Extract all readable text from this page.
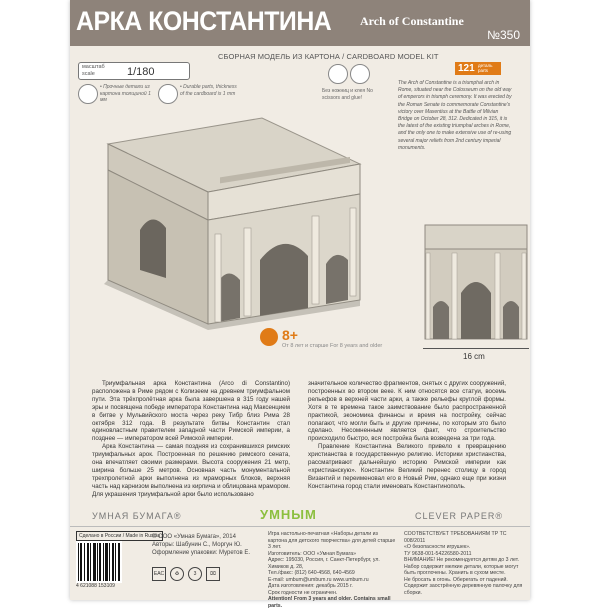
АРКА КОНСТАНТИНА Arch of Constantine
№350
СБОРНАЯ МОДЕЛЬ ИЗ КАРТОНА / CARDBOARD MODEL KIT
масштаб scale	1/180
• Прочные детали из картона толщиной 1 мм
• Durable parts, thickness of the cardboard is 1 mm	Без ножниц и клея No scissors and glue!
121 деталь parts
The Arch of Constantine is a triumphal arch in Rome, situated near the Colosseum on the old way of emperors in triumph ceremony. It was erected by the Roman Senate to commemorate Constantine's victory over Maxentius at the Battle of Milvian Bridge on October 28, 312. Dedicated in 315, it is the latest of the existing triumphal arches in Rome, and the only one to make extensive use of re-using several major reliefs from 2nd century imperial monuments.
16 cm
8+
От 8 лет и старше For 8 years and older

Триумфальная арка Константина (Arco di Constantino) расположена в Риме рядом с Колизеем на древнем триумфальном пути. Эта трёхпролётная арка была завершена в 315 году нашей эры и посвящена победе императора Константина над Максенцием в битве у Мульвийского моста через реку Тибр близ Рима 28 октября 312 года. В результате битвы Константин стал единовластным правителем западной части Римской империи, а позднее — императором всей Римской империи.

Арка Константина — самая поздняя из сохранившихся римских триумфальных арок. Построенная по решению римского сената, она впечатляет своими размерами. Высота сооружения 21 метр, ширина больше 25 метров. Основная часть монументальной трехпролетной арки выполнена из мраморных блоков, верхняя часть над карнизом выполнена из кирпича и облицована мрамором. Для украшения триумфальной арки было использовано

значительное количество фрагментов, снятых с других сооружений, построенных во втором веке. К ним относятся все статуи, восемь рельефов в верхней части арки, а также рельефы круглой формы. Хотя в те времена такое заимствование было распространенной практикой, экономика финансы и время на постройку, сейчас полагают, что могли быть и другие причины, по которым это было сделано. Несомненным является факт, что строительство происходило быстро, вся постройка была возведена за три года.

Правление Константина Великого привело к превращению христианства в государственную религию. Историки христианства, рассматривают дальнейшую историю Римской империи как «христианскую». Константин Великий перенес столицу в город Византий и переименовал его в Новый Рим, однако еще при жизни Константина город стали именовать Константинополь.

УМНАЯ БУМАГА®	УМНЫМ	CLEVER PAPER®
Сделано в России / Made in Russia
4 621088 153109
© ООО «Умная Бумага», 2014
Авторы: Шабунин С., Моргун Ю.
Оформление упаковки: Муретов Е.
EAC	♻	3	⌧
Игра настольно-печатная «Наборы детали из картона для детского творчества» для детей старше 3 лет.
Изготовитель: ООО «Умная Бумага»
Адрес: 195030, Россия, г. Санкт-Петербург, ул. Химиков д. 28,
Тел./факс: (812) 640-4568, 640-4569
E-mail: umbum@umbum.ru www.umbum.ru
Дата изготовления: декабрь 2015 г.
Срок годности не ограничен.
Attention! From 3 years and older. Contains small parts.
СООТВЕТСТВУЕТ ТРЕБОВАНИЯМ ТР ТС 008/2011
«О безопасности игрушек».
ТУ 9638-001-54226580-2011
ВНИМАНИЕ! Не рекомендуется детям до 3 лет.
Набор содержит мелкие детали, которые могут
быть проглочены. Хранить в сухом месте.
Не бросать в огонь. Оберегать от падений.
Содержит заострённую деревянную палочку для
сборки.
